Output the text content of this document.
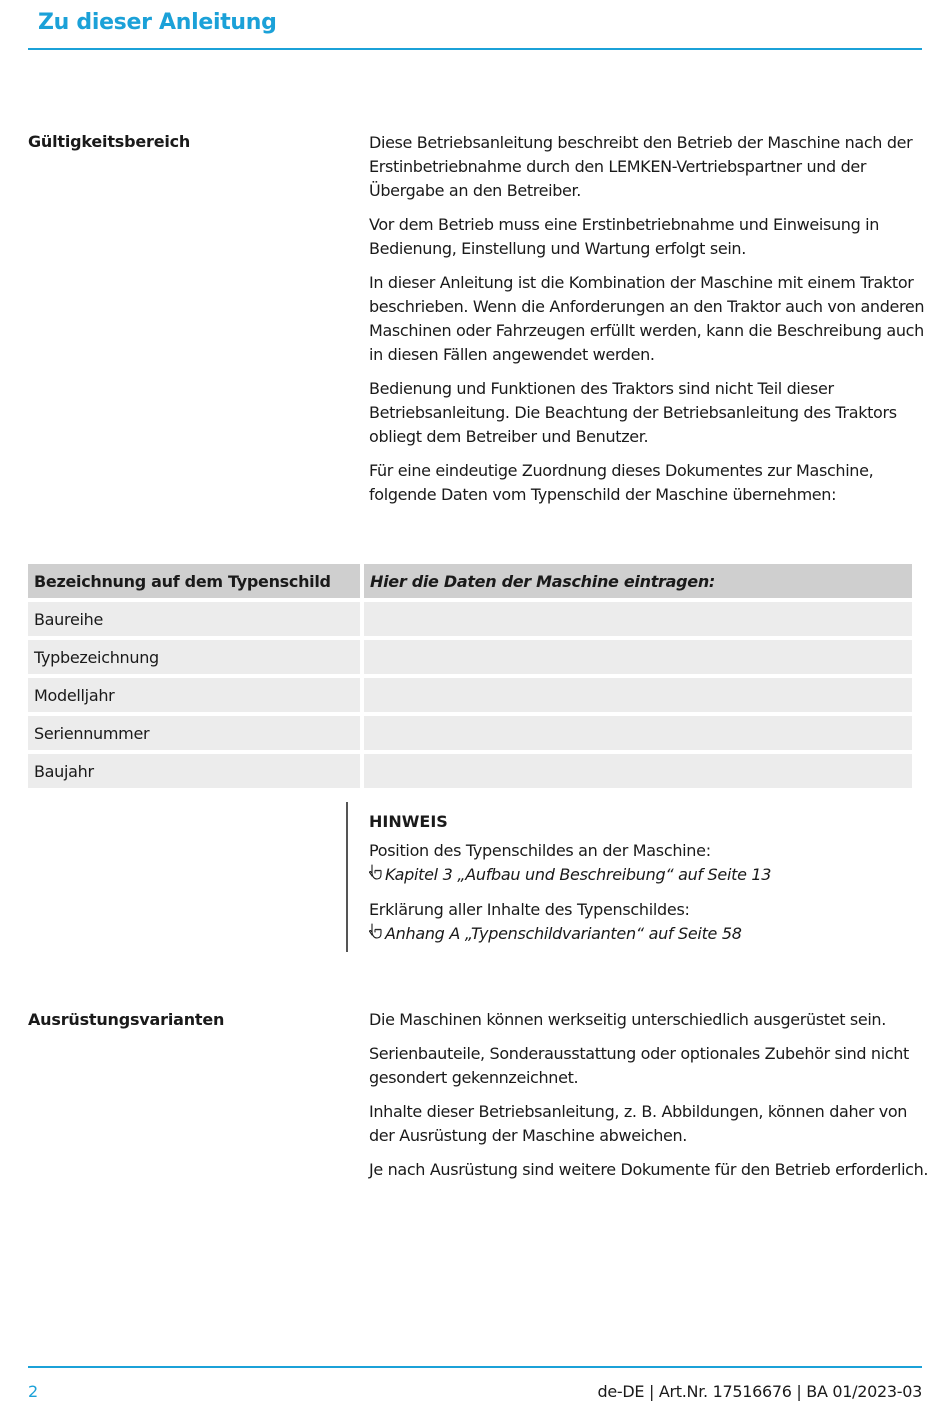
Zu dieser Anleitung
Gültigkeitsbereich	Diese Betriebsanleitung beschreibt den Betrieb der Maschine nach der Erstinbetriebnahme durch den LEMKEN-Vertriebspartner und der Übergabe an den Betreiber.

Vor dem Betrieb muss eine Erstinbetriebnahme und Einweisung in Bedienung, Einstellung und Wartung erfolgt sein.

In dieser Anleitung ist die Kombination der Maschine mit einem Traktor beschrieben. Wenn die Anforderungen an den Traktor auch von anderen Maschinen oder Fahrzeugen erfüllt werden, kann die Beschreibung auch in diesen Fällen angewendet werden.

Bedienung und Funktionen des Traktors sind nicht Teil dieser Betriebsanleitung. Die Beachtung der Betriebsanleitung des Traktors obliegt dem Betreiber und Benutzer.

Für eine eindeutige Zuordnung dieses Dokumentes zur Maschine, folgende Daten vom Typenschild der Maschine übernehmen:

Bezeichnung auf dem Typenschild	Hier die Daten der Maschine eintragen:
Baureihe	
Typbezeichnung	
Modelljahr	
Seriennummer	
Baujahr	
HINWEIS

Position des Typenschildes an der Maschine:

Kapitel 3 „Aufbau und Beschreibung“ auf Seite 13

Erklärung aller Inhalte des Typenschildes:

Anhang A „Typenschildvarianten“ auf Seite 58

Ausrüstungsvarianten	Die Maschinen können werkseitig unterschiedlich ausgerüstet sein.

Serienbauteile, Sonderausstattung oder optionales Zubehör sind nicht gesondert gekennzeichnet.

Inhalte dieser Betriebsanleitung, z. B. Abbildungen, können daher von der Ausrüstung der Maschine abweichen.

Je nach Ausrüstung sind weitere Dokumente für den Betrieb erforderlich.

2	de-DE | Art.Nr. 17516676 | BA 01/2023-03
